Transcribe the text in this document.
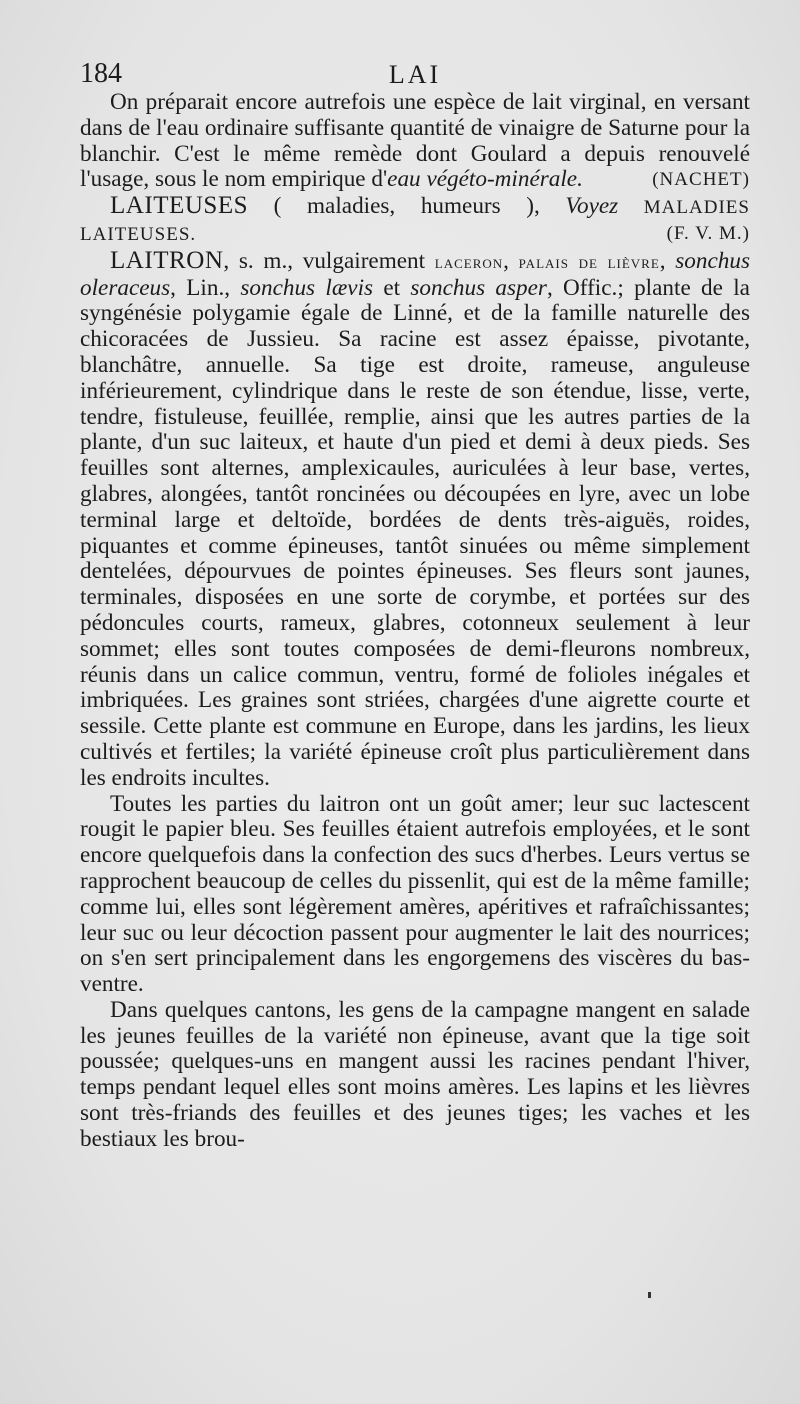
184	LAI

On préparait encore autrefois une espèce de lait virginal, en versant dans de l'eau ordinaire suffisante quantité de vinaigre de Saturne pour la blanchir. C'est le même remède dont Goulard a depuis renouvelé l'usage, sous le nom empirique d'eau végéto-minérale.	(NACHET)

LAITEUSES ( maladies, humeurs ), Voyez MALADIES LAITEUSES.	(F. V. M.)

LAITRON, s. m., vulgairement laceron, palais de lièvre, sonchus oleraceus, Lin., sonchus lævis et sonchus asper, Offic.; plante de la syngénésie polygamie égale de Linné, et de la famille naturelle des chicoracées de Jussieu. Sa racine est assez épaisse, pivotante, blanchâtre, annuelle. Sa tige est droite, rameuse, anguleuse inférieurement, cylindrique dans le reste de son étendue, lisse, verte, tendre, fistuleuse, feuillée, remplie, ainsi que les autres parties de la plante, d'un suc laiteux, et haute d'un pied et demi à deux pieds. Ses feuilles sont alternes, amplexicaules, auriculées à leur base, vertes, glabres, alongées, tantôt roncinées ou découpées en lyre, avec un lobe terminal large et deltoïde, bordées de dents très-aiguës, roides, piquantes et comme épineuses, tantôt sinuées ou même simplement dentelées, dépourvues de pointes épineuses. Ses fleurs sont jaunes, terminales, disposées en une sorte de corymbe, et portées sur des pédoncules courts, rameux, glabres, cotonneux seulement à leur sommet; elles sont toutes composées de demi-fleurons nombreux, réunis dans un calice commun, ventru, formé de folioles inégales et imbriquées. Les graines sont striées, chargées d'une aigrette courte et sessile. Cette plante est commune en Europe, dans les jardins, les lieux cultivés et fertiles; la variété épineuse croît plus particulièrement dans les endroits incultes.

Toutes les parties du laitron ont un goût amer; leur suc lactescent rougit le papier bleu. Ses feuilles étaient autrefois employées, et le sont encore quelquefois dans la confection des sucs d'herbes. Leurs vertus se rapprochent beaucoup de celles du pissenlit, qui est de la même famille; comme lui, elles sont légèrement amères, apéritives et rafraîchissantes; leur suc ou leur décoction passent pour augmenter le lait des nourrices; on s'en sert principalement dans les engorgemens des viscères du bas-ventre.

Dans quelques cantons, les gens de la campagne mangent en salade les jeunes feuilles de la variété non épineuse, avant que la tige soit poussée; quelques-uns en mangent aussi les racines pendant l'hiver, temps pendant lequel elles sont moins amères. Les lapins et les lièvres sont très-friands des feuilles et des jeunes tiges; les vaches et les bestiaux les brou-
